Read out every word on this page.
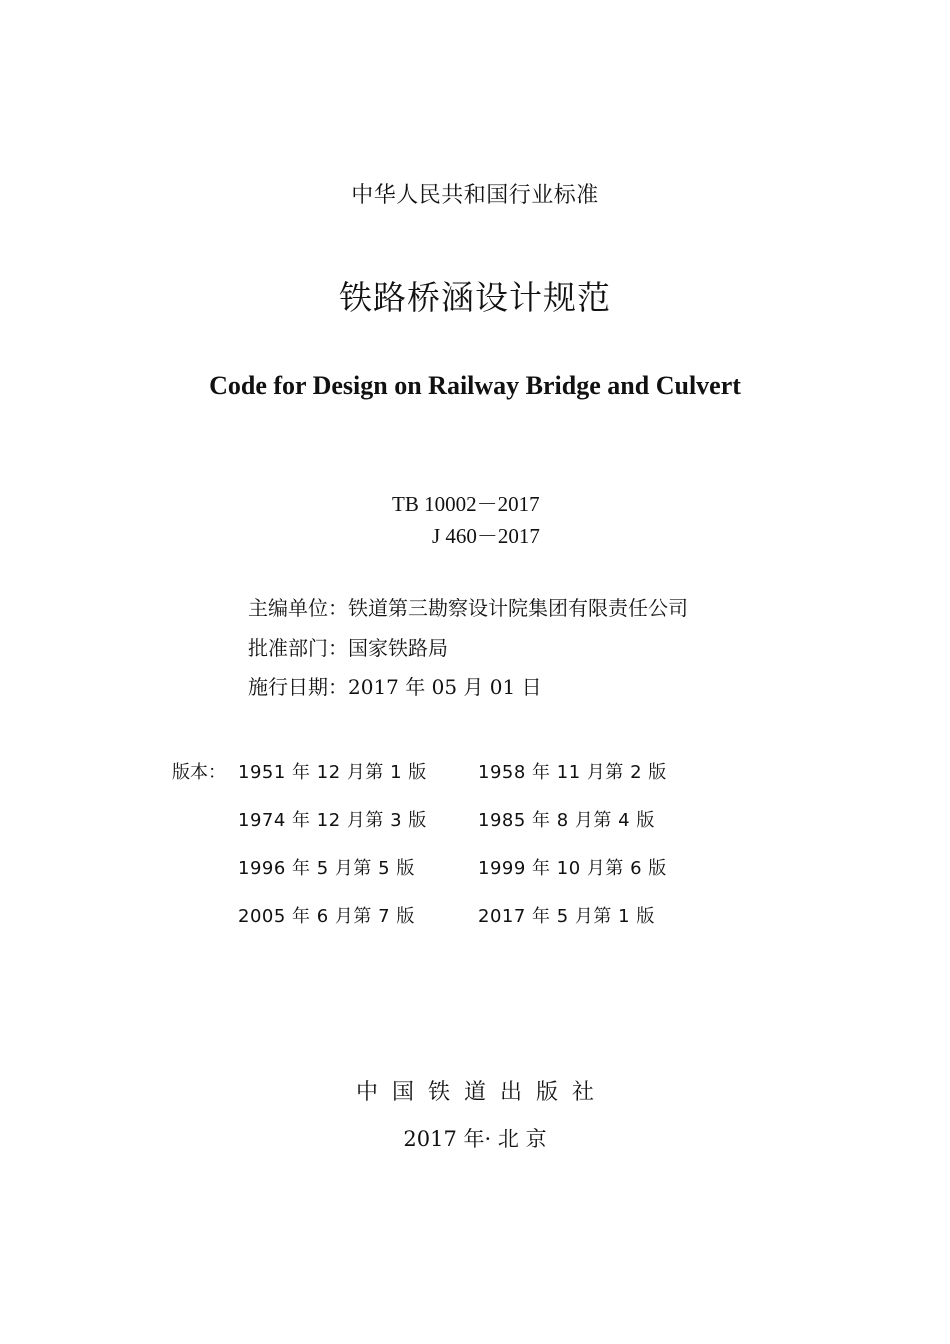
中华人民共和国行业标准
铁路桥涵设计规范
Code for Design on Railway Bridge and Culvert
TB 10002－2017
J 460－2017
主编单位：铁道第三勘察设计院集团有限责任公司
批准部门：国家铁路局
施行日期：2017 年 05 月 01 日
版本： 1951 年 12 月第 1 版	1958 年 11 月第 2 版
1974 年 12 月第 3 版	1985 年 8 月第 4 版
1996 年 5 月第 5 版	1999 年 10 月第 6 版
2005 年 6 月第 7 版	2017 年 5 月第 1 版
中国铁道出版社
2017 年· 北 京
